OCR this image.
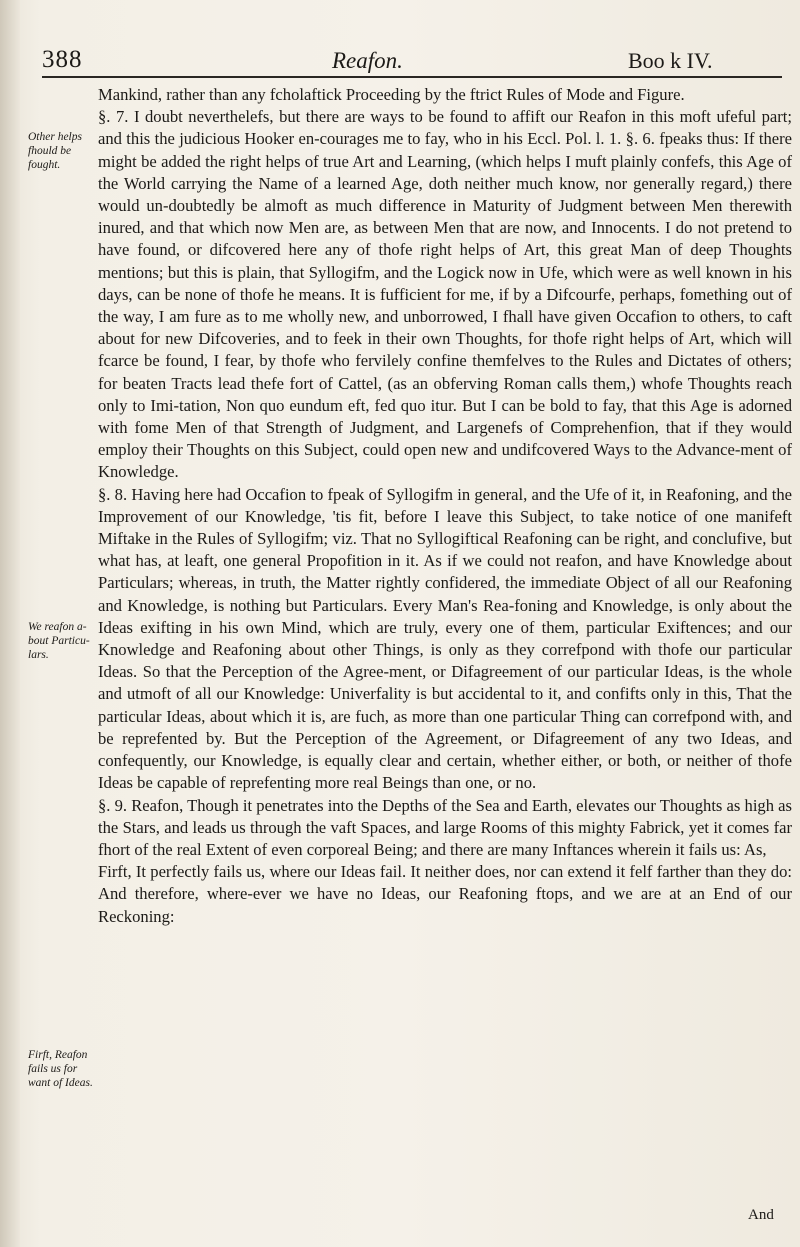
388	Reafon.	Boo k IV.
Other helps fhould be fought.
We reafon a-bout Particu-lars.
Firft, Reafon fails us for want of Ideas.

Mankind, rather than any fcholaftick Proceeding by the ftrict Rules of Mode and Figure.

§. 7. I doubt neverthelefs, but there are ways to be found to affift our Reafon in this moft ufeful part; and this the judicious Hooker en-courages me to fay, who in his Eccl. Pol. l. 1. §. 6. fpeaks thus: If there might be added the right helps of true Art and Learning, (which helps I muft plainly confefs, this Age of the World carrying the Name of a learned Age, doth neither much know, nor generally regard,) there would un-doubtedly be almoft as much difference in Maturity of Judgment between Men therewith inured, and that which now Men are, as between Men that are now, and Innocents. I do not pretend to have found, or difcovered here any of thofe right helps of Art, this great Man of deep Thoughts mentions; but this is plain, that Syllogifm, and the Logick now in Ufe, which were as well known in his days, can be none of thofe he means. It is fufficient for me, if by a Difcourfe, perhaps, fomething out of the way, I am fure as to me wholly new, and unborrowed, I fhall have given Occafion to others, to caft about for new Difcoveries, and to feek in their own Thoughts, for thofe right helps of Art, which will fcarce be found, I fear, by thofe who fervilely confine themfelves to the Rules and Dictates of others; for beaten Tracts lead thefe fort of Cattel, (as an obferving Roman calls them,) whofe Thoughts reach only to Imi-tation, Non quo eundum eft, fed quo itur. But I can be bold to fay, that this Age is adorned with fome Men of that Strength of Judgment, and Largenefs of Comprehenfion, that if they would employ their Thoughts on this Subject, could open new and undifcovered Ways to the Advance-ment of Knowledge.

§. 8. Having here had Occafion to fpeak of Syllogifm in general, and the Ufe of it, in Reafoning, and the Improvement of our Knowledge, 'tis fit, before I leave this Subject, to take notice of one manifeft Miftake in the Rules of Syllogifm; viz. That no Syllogiftical Reafoning can be right, and conclufive, but what has, at leaft, one general Propofition in it. As if we could not reafon, and have Knowledge about Particulars; whereas, in truth, the Matter rightly confidered, the immediate Object of all our Reafoning and Knowledge, is nothing but Particulars. Every Man's Rea-foning and Knowledge, is only about the Ideas exifting in his own Mind, which are truly, every one of them, particular Exiftences; and our Knowledge and Reafoning about other Things, is only as they correfpond with thofe our particular Ideas. So that the Perception of the Agree-ment, or Difagreement of our particular Ideas, is the whole and utmoft of all our Knowledge: Univerfality is but accidental to it, and confifts only in this, That the particular Ideas, about which it is, are fuch, as more than one particular Thing can correfpond with, and be reprefented by. But the Perception of the Agreement, or Difagreement of any two Ideas, and confequently, our Knowledge, is equally clear and certain, whether either, or both, or neither of thofe Ideas be capable of reprefenting more real Beings than one, or no.

§. 9. Reafon, Though it penetrates into the Depths of the Sea and Earth, elevates our Thoughts as high as the Stars, and leads us through the vaft Spaces, and large Rooms of this mighty Fabrick, yet it comes far fhort of the real Extent of even corporeal Being; and there are many Inftances wherein it fails us: As,

Firft, It perfectly fails us, where our Ideas fail. It neither does, nor can extend it felf farther than they do: And therefore, where-ever we have no Ideas, our Reafoning ftops, and we are at an End of our Reckoning:

And
